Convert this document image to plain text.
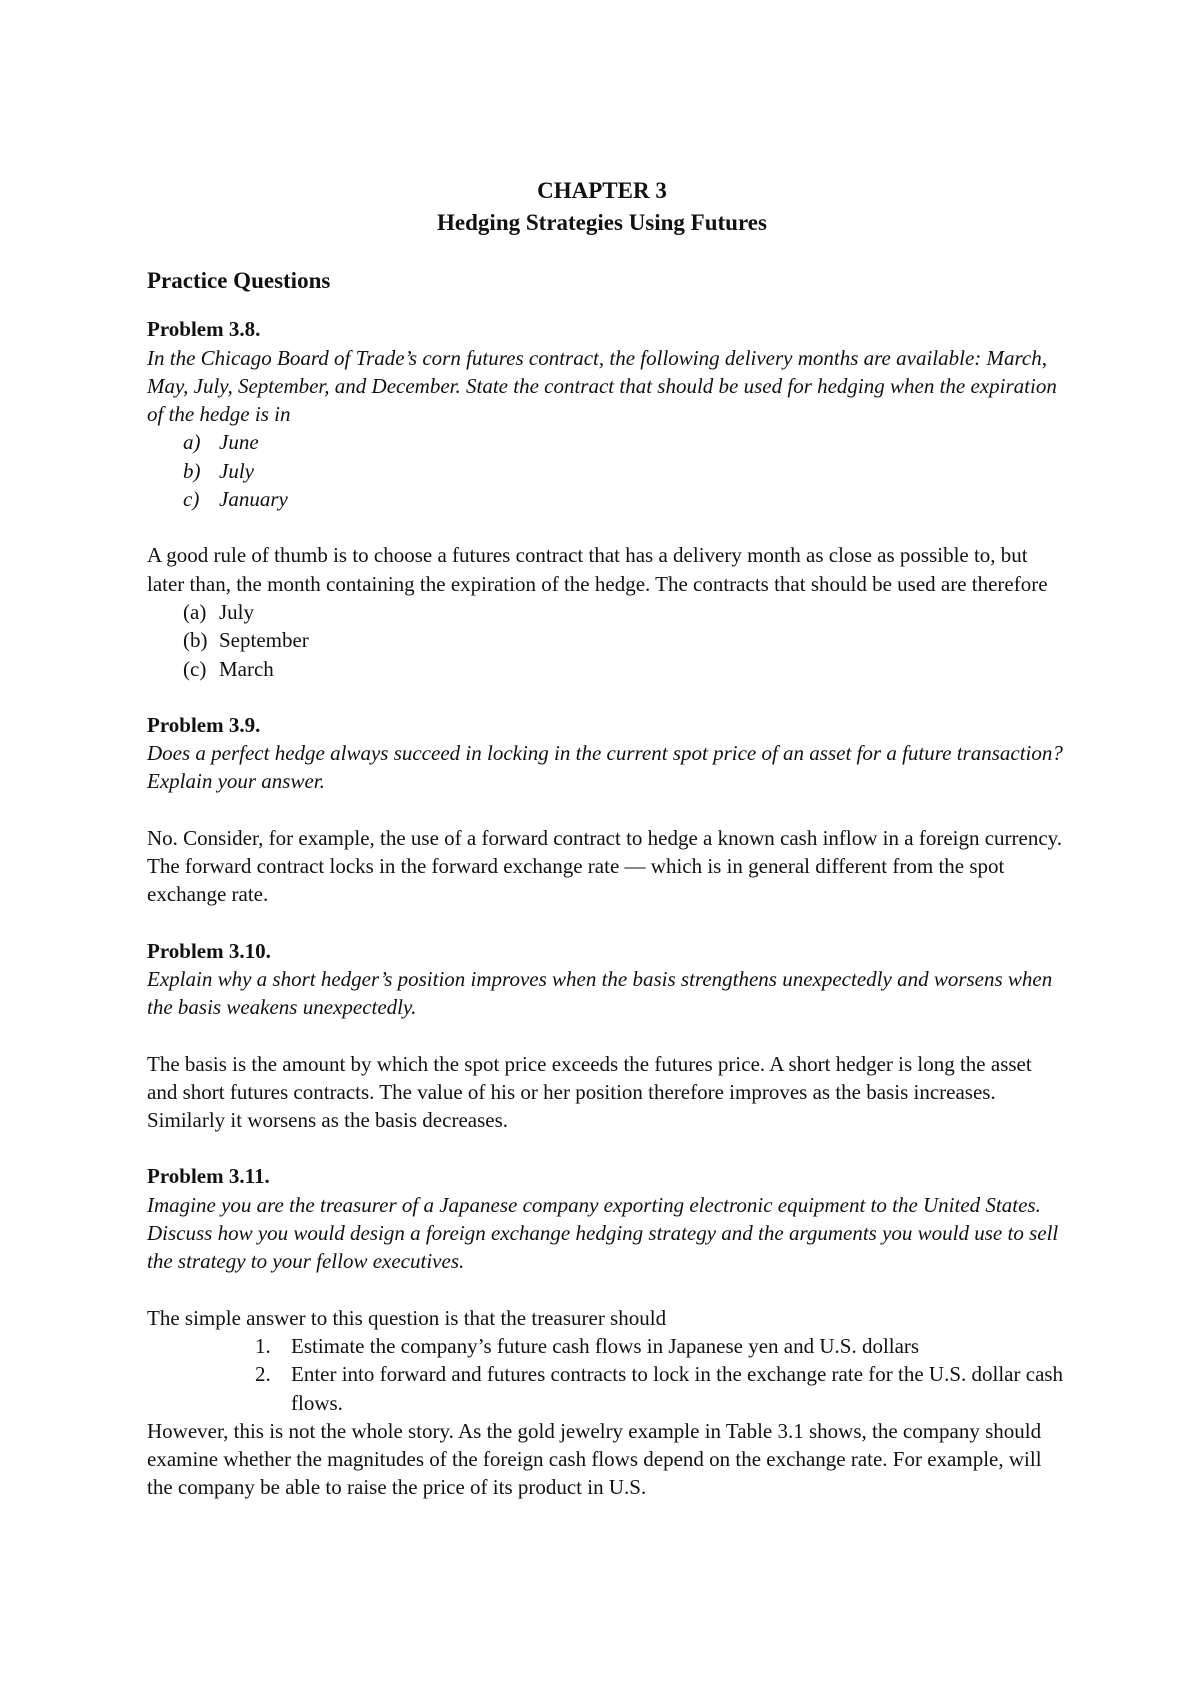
CHAPTER 3
Hedging Strategies Using Futures
Practice Questions
Problem 3.8.

In the Chicago Board of Trade’s corn futures contract, the following delivery months are available: March, May, July, September, and December. State the contract that should be used for hedging when the expiration of the hedge is in

a) June
b) July
c) January

A good rule of thumb is to choose a futures contract that has a delivery month as close as possible to, but later than, the month containing the expiration of the hedge. The contracts that should be used are therefore

(a) July
(b) September
(c) March
Problem 3.9.

Does a perfect hedge always succeed in locking in the current spot price of an asset for a future transaction? Explain your answer.

No. Consider, for example, the use of a forward contract to hedge a known cash inflow in a foreign currency. The forward contract locks in the forward exchange rate — which is in general different from the spot exchange rate.

Problem 3.10.

Explain why a short hedger’s position improves when the basis strengthens unexpectedly and worsens when the basis weakens unexpectedly.

The basis is the amount by which the spot price exceeds the futures price. A short hedger is long the asset and short futures contracts. The value of his or her position therefore improves as the basis increases. Similarly it worsens as the basis decreases.

Problem 3.11.

Imagine you are the treasurer of a Japanese company exporting electronic equipment to the United States. Discuss how you would design a foreign exchange hedging strategy and the arguments you would use to sell the strategy to your fellow executives.

The simple answer to this question is that the treasurer should

1. Estimate the company’s future cash flows in Japanese yen and U.S. dollars
2. Enter into forward and futures contracts to lock in the exchange rate for the U.S. dollar cash flows.

However, this is not the whole story. As the gold jewelry example in Table 3.1 shows, the company should examine whether the magnitudes of the foreign cash flows depend on the exchange rate. For example, will the company be able to raise the price of its product in U.S.
